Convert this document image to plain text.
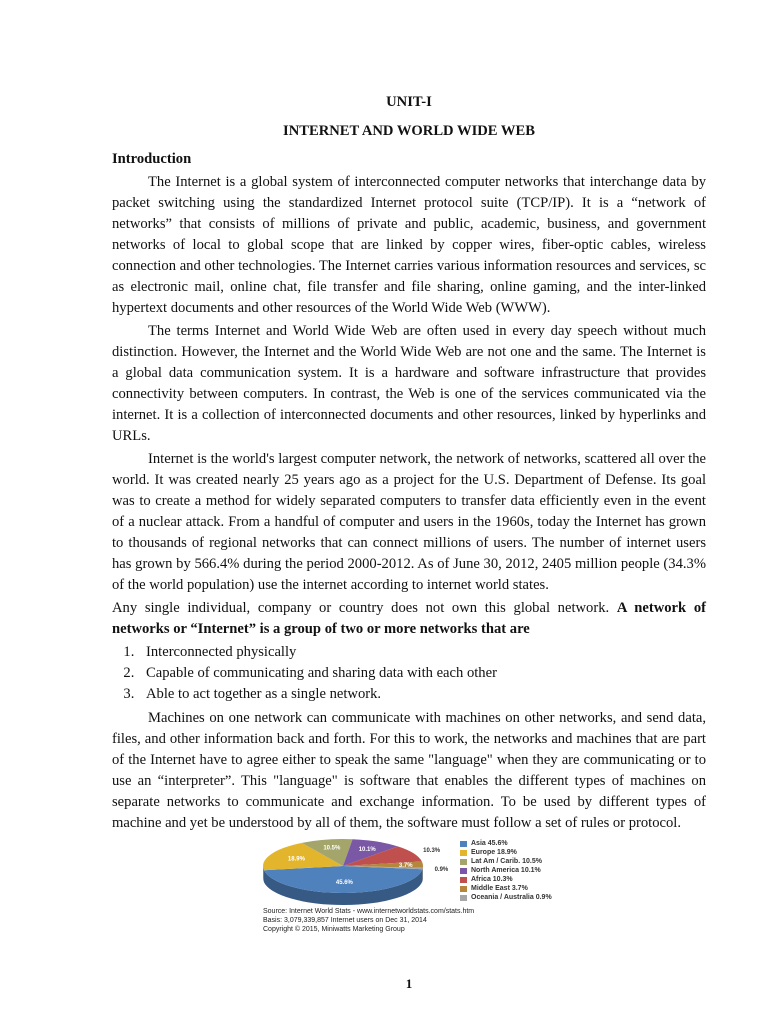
UNIT-I
INTERNET AND WORLD WIDE WEB

Introduction

The Internet is a global system of interconnected computer networks that interchange data by packet switching using the standardized Internet protocol suite (TCP/IP). It is a “network of networks” that consists of millions of private and public, academic, business, and government networks of local to global scope that are linked by copper wires, fiber-optic cables, wireless connection and other technologies. The Internet carries various information resources and services, sc as electronic mail, online chat, file transfer and file sharing, online gaming, and the inter-linked hypertext documents and other resources of the World Wide Web (WWW).

The terms Internet and World Wide Web are often used in every day speech without much distinction. However, the Internet and the World Wide Web are not one and the same. The Internet is a global data communication system. It is a hardware and software infrastructure that provides connectivity between computers. In contrast, the Web is one of the services communicated via the internet. It is a collection of interconnected documents and other resources, linked by hyperlinks and URLs.

Internet is the world's largest computer network, the network of networks, scattered all over the world. It was created nearly 25 years ago as a project for the U.S. Department of Defense. Its goal was to create a method for widely separated computers to transfer data efficiently even in the event of a nuclear attack. From a handful of computer and users in the 1960s, today the Internet has grown to thousands of regional networks that can connect millions of users. The number of internet users has grown by 566.4% during the period 2000-2012. As of June 30, 2012, 2405 million people (34.3% of the world population) use the internet according to internet world states.

Any single individual, company or country does not own this global network. A network of networks or “Internet” is a group of two or more networks that are

1. Interconnected physically
2. Capable of communicating and sharing data with each other
3. Able to act together as a single network.

Machines on one network can communicate with machines on other networks, and send data, files, and other information back and forth. For this to work, the networks and machines that are part of the Internet have to agree either to speak the same "language" when they are communicating or to use an “interpreter”. This "language" is software that enables the different types of machines on separate networks to communicate and exchange information. To be used by different types of machine and yet be understood by all of them, the software must follow a set of rules or protocol.

45.6%
18.9%
10.5%	10.1%	10.3%
3.7%
0.9%
Asia 45.6%
Europe 18.9%
Lat Am / Carib. 10.5%
North America 10.1%
Africa 10.3%
Middle East 3.7%
Oceania / Australia 0.9%
Source: Internet World Stats - www.internetworldstats.com/stats.htm
Basis: 3,079,339,857 Internet users on Dec 31, 2014
Copyright © 2015, Miniwatts Marketing Group
1
